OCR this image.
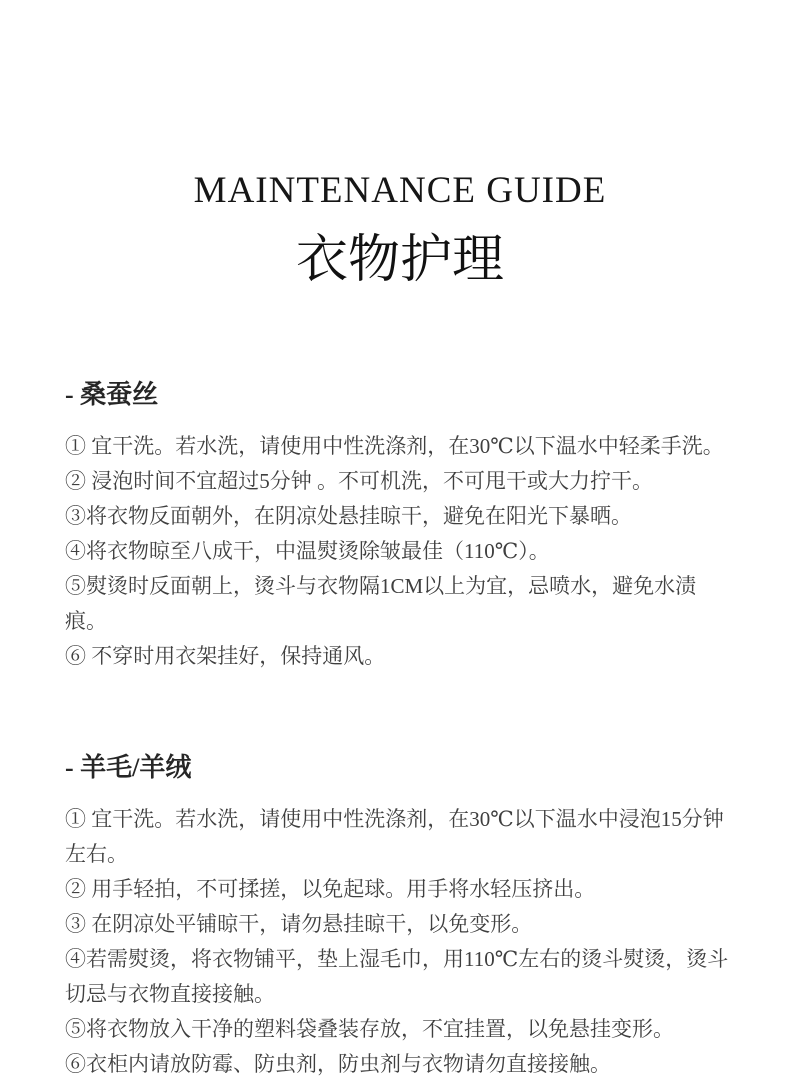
MAINTENANCE GUIDE
衣物护理
- 桑蚕丝

① 宜干洗。若水洗，请使用中性洗涤剂，在30℃以下温水中轻柔手洗。

② 浸泡时间不宜超过5分钟 。不可机洗，不可甩干或大力拧干。

③将衣物反面朝外，在阴凉处悬挂晾干，避免在阳光下暴晒。

④将衣物晾至八成干，中温熨烫除皱最佳（110℃）。

⑤熨烫时反面朝上，烫斗与衣物隔1CM以上为宜，忌喷水，避免水渍痕。

⑥ 不穿时用衣架挂好，保持通风。

- 羊毛/羊绒

① 宜干洗。若水洗，请使用中性洗涤剂，在30℃以下温水中浸泡15分钟左右。

② 用手轻拍，不可揉搓，以免起球。用手将水轻压挤出。

③ 在阴凉处平铺晾干，请勿悬挂晾干，以免变形。

④若需熨烫，将衣物铺平，垫上湿毛巾，用110℃左右的烫斗熨烫，烫斗切忌与衣物直接接触。

⑤将衣物放入干净的塑料袋叠装存放，不宜挂置，以免悬挂变形。

⑥衣柜内请放防霉、防虫剂，防虫剂与衣物请勿直接接触。
